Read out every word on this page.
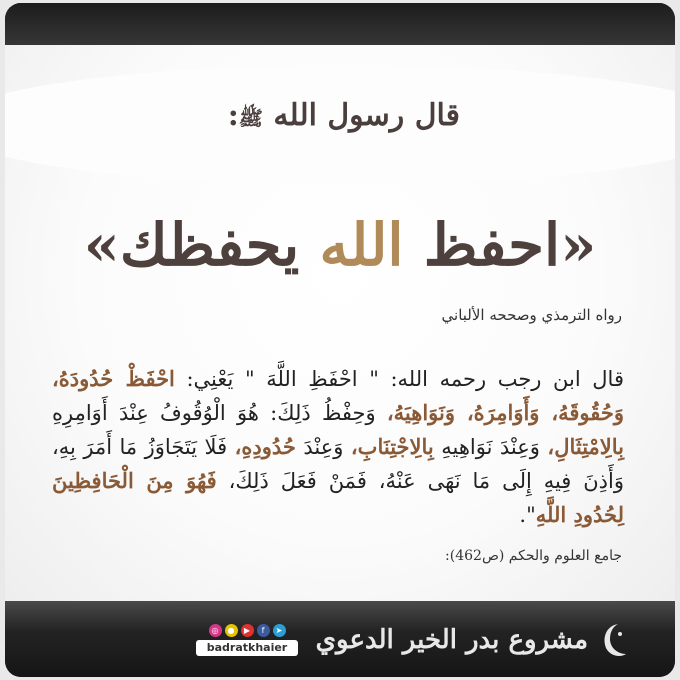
قال رسول الله ﷺ:
«احفظ الله يحفظك»
رواه الترمذي وصححه الألباني
قال ابن رجب رحمه الله: " احْفَظِ اللَّهَ " يَعْنِي: احْفَظْ حُدُودَهُ، وَحُقُوقَهُ، وَأَوَامِرَهُ، وَنَوَاهِيَهُ، وَحِفْظُ ذَلِكَ: هُوَ الْوُقُوفُ عِنْدَ أَوَامِرِهِ بِالِامْتِثَالِ، وَعِنْدَ نَوَاهِيهِ بِالِاجْتِنَابِ، وَعِنْدَ حُدُودِهِ، فَلَا يَتَجَاوَزُ مَا أَمَرَ بِهِ، وَأَذِنَ فِيهِ إِلَى مَا نَهَى عَنْهُ، فَمَنْ فَعَلَ ذَلِكَ، فَهُوَ مِنَ الْحَافِظِينَ لِحُدُودِ اللَّهِ".
جامع العلوم والحكم (ص462):
مشروع بدر الخير الدعوي
◎	●	▶	f	➤
badratkhaier
